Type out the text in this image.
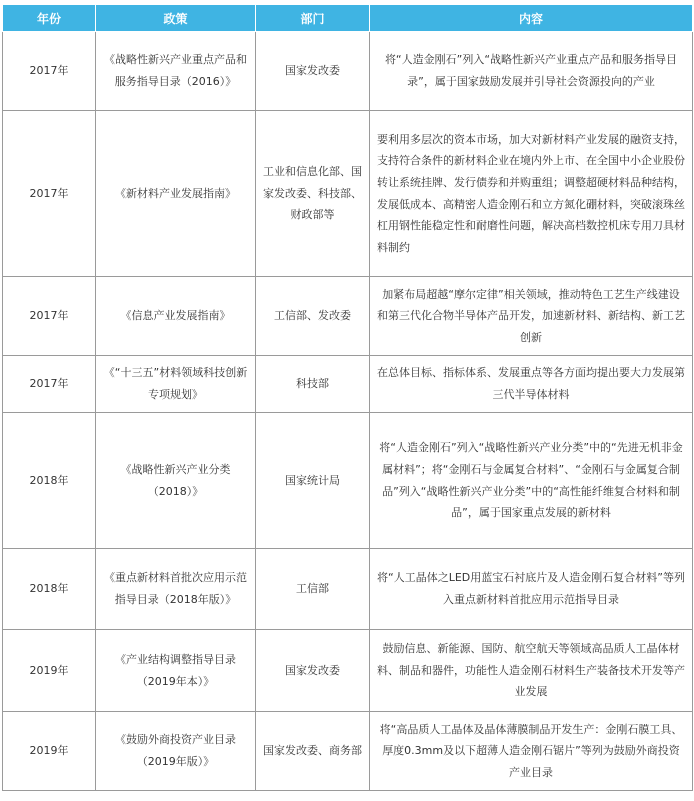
年份	政策	部门	内容
2017年	《战略性新兴产业重点产品和服务指导目录（2016）》	国家发改委	将“人造金刚石”列入“战略性新兴产业重点产品和服务指导目录”，属于国家鼓励发展并引导社会资源投向的产业
2017年	《新材料产业发展指南》	工业和信息化部、国家发改委、科技部、财政部等	要利用多层次的资本市场，加大对新材料产业发展的融资支持，支持符合条件的新材料企业在境内外上市、在全国中小企业股份转让系统挂牌、发行债券和并购重组；调整超硬材料品种结构，发展低成本、高精密人造金刚石和立方氮化硼材料，突破滚珠丝杠用钢性能稳定性和耐磨性问题，解决高档数控机床专用刀具材料制约
2017年	《信息产业发展指南》	工信部、发改委	加紧布局超越“摩尔定律”相关领域，推动特色工艺生产线建设和第三代化合物半导体产品开发，加速新材料、新结构、新工艺创新
2017年	《“十三五”材料领域科技创新专项规划》	科技部	在总体目标、指标体系、发展重点等各方面均提出要大力发展第三代半导体材料
2018年	《战略性新兴产业分类（2018）》	国家统计局	将“人造金刚石”列入“战略性新兴产业分类”中的“先进无机非金属材料”；将“金刚石与金属复合材料”、“金刚石与金属复合制品”列入“战略性新兴产业分类”中的“高性能纤维复合材料和制品”，属于国家重点发展的新材料
2018年	《重点新材料首批次应用示范指导目录（2018年版）》	工信部	将“人工晶体之LED用蓝宝石衬底片及人造金刚石复合材料”等列入重点新材料首批应用示范指导目录
2019年	《产业结构调整指导目录（2019年本）》	国家发改委	鼓励信息、新能源、国防、航空航天等领域高品质人工晶体材料、制品和器件，功能性人造金刚石材料生产装备技术开发等产业发展
2019年	《鼓励外商投资产业目录（2019年版）》	国家发改委、商务部	将“高品质人工晶体及晶体薄膜制品开发生产：金刚石膜工具、厚度0.3mm及以下超薄人造金刚石锯片”等列为鼓励外商投资产业目录
